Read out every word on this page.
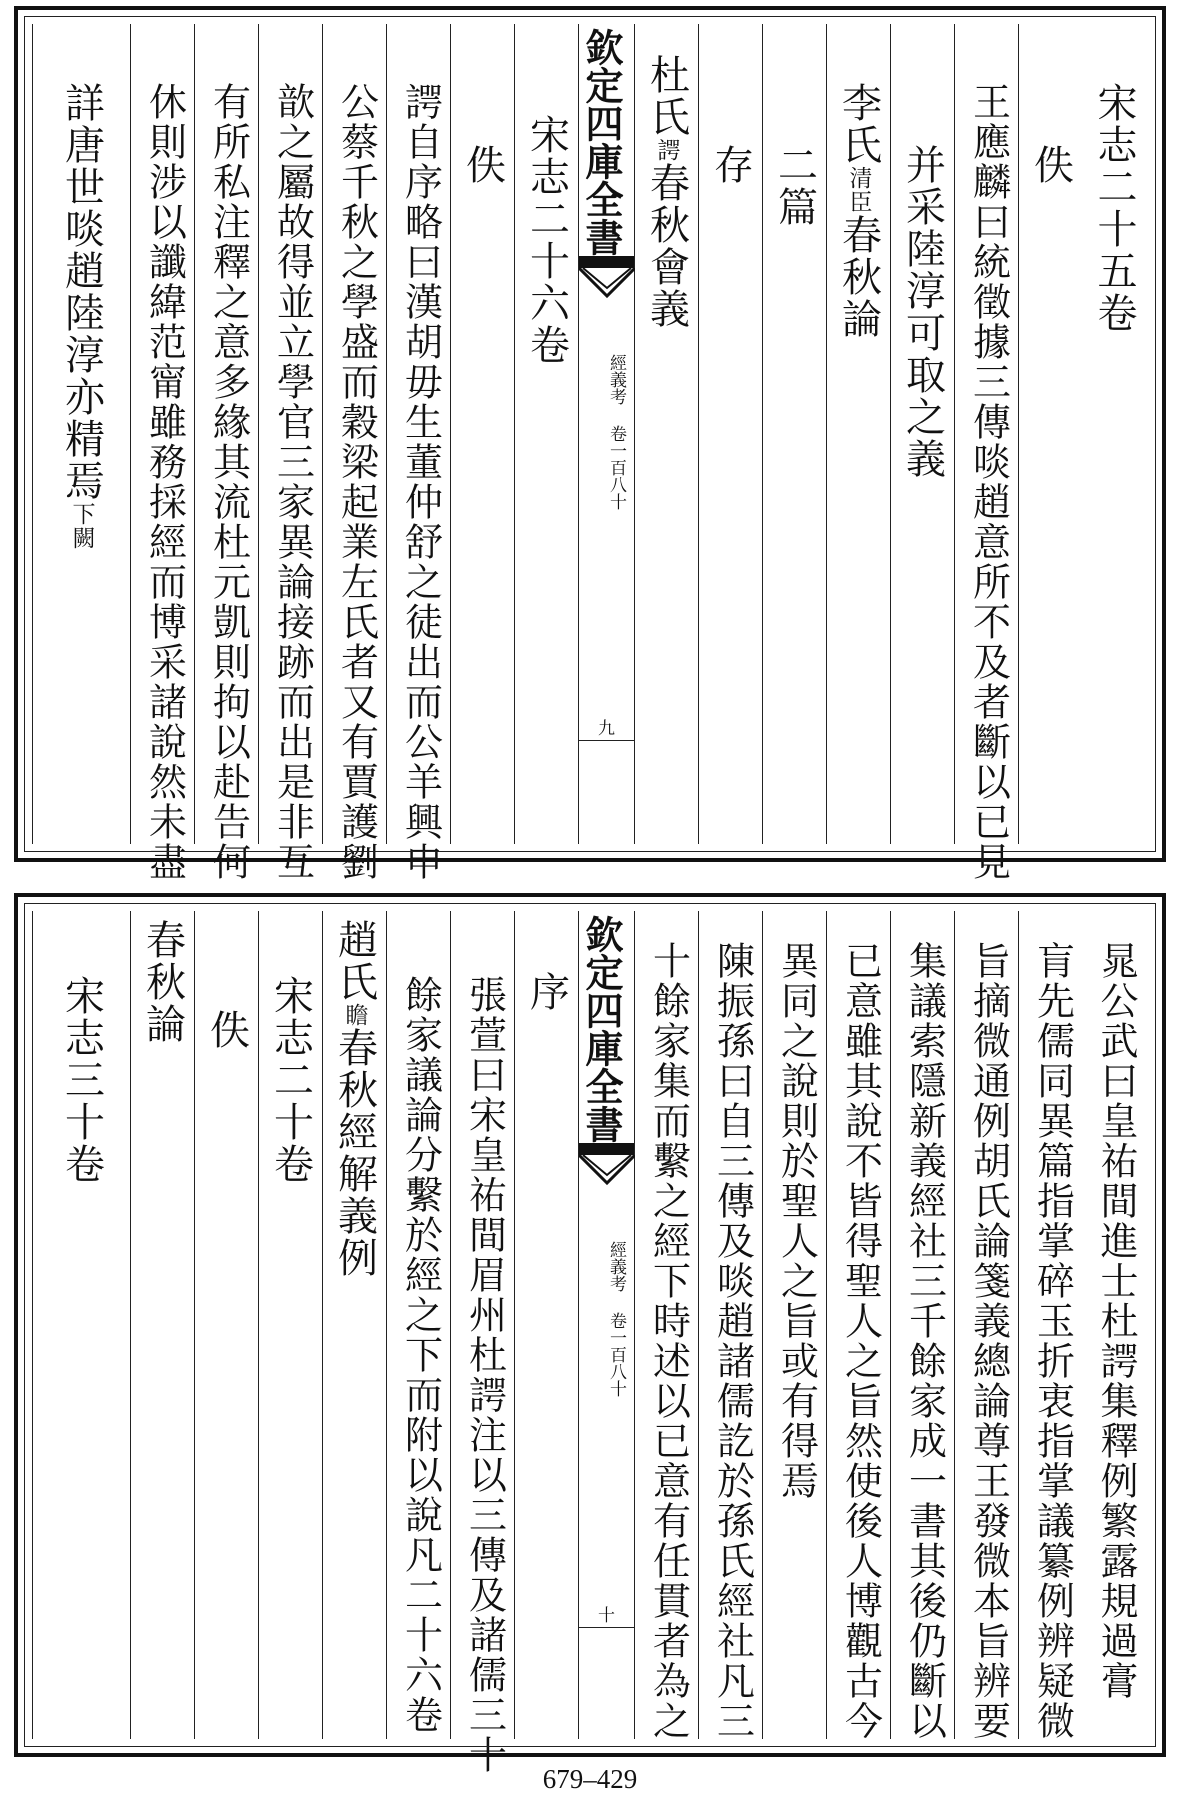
宋志二十五卷
佚
王應麟曰統徵據三傳啖趙意所不及者斷以已見
并采陸淳可取之義
李氏清臣春秋論
二篇
存
杜氏諤春秋會義
欽定四庫全書
經義考 卷一百八十
九
宋志二十六卷
佚
諤自序略曰漢胡毋生董仲舒之徒出而公羊興申
公蔡千秋之學盛而穀梁起業左氏者又有賈護劉
歆之屬故得並立學官三家異論接跡而出是非互
有所私注釋之意多緣其流杜元凱則拘以赴告何
休則涉以讖緯范甯雖務採經而博采諸說然未盡
詳唐世啖趙陸淳亦精焉下闕
晁公武曰皇祐間進士杜諤集釋例繁露規過膏
肓先儒同異篇指掌碎玉折衷指掌議纂例辨疑微
旨摘微通例胡氏論箋義總論尊王發微本旨辨要
集議索隱新義經社三千餘家成一書其後仍斷以
已意雖其說不皆得聖人之旨然使後人博觀古今
異同之說則於聖人之旨或有得焉
陳振孫曰自三傳及啖趙諸儒訖於孫氏經社凡三
十餘家集而繫之經下時述以已意有任貫者為之
欽定四庫全書
經義考 卷一百八十
十
序
張萱曰宋皇祐間眉州杜諤注以三傳及諸儒三十
餘家議論分繫於經之下而附以說凡二十六卷
趙氏瞻春秋經解義例
宋志二十卷
佚
春秋論
宋志三十卷
679–429
